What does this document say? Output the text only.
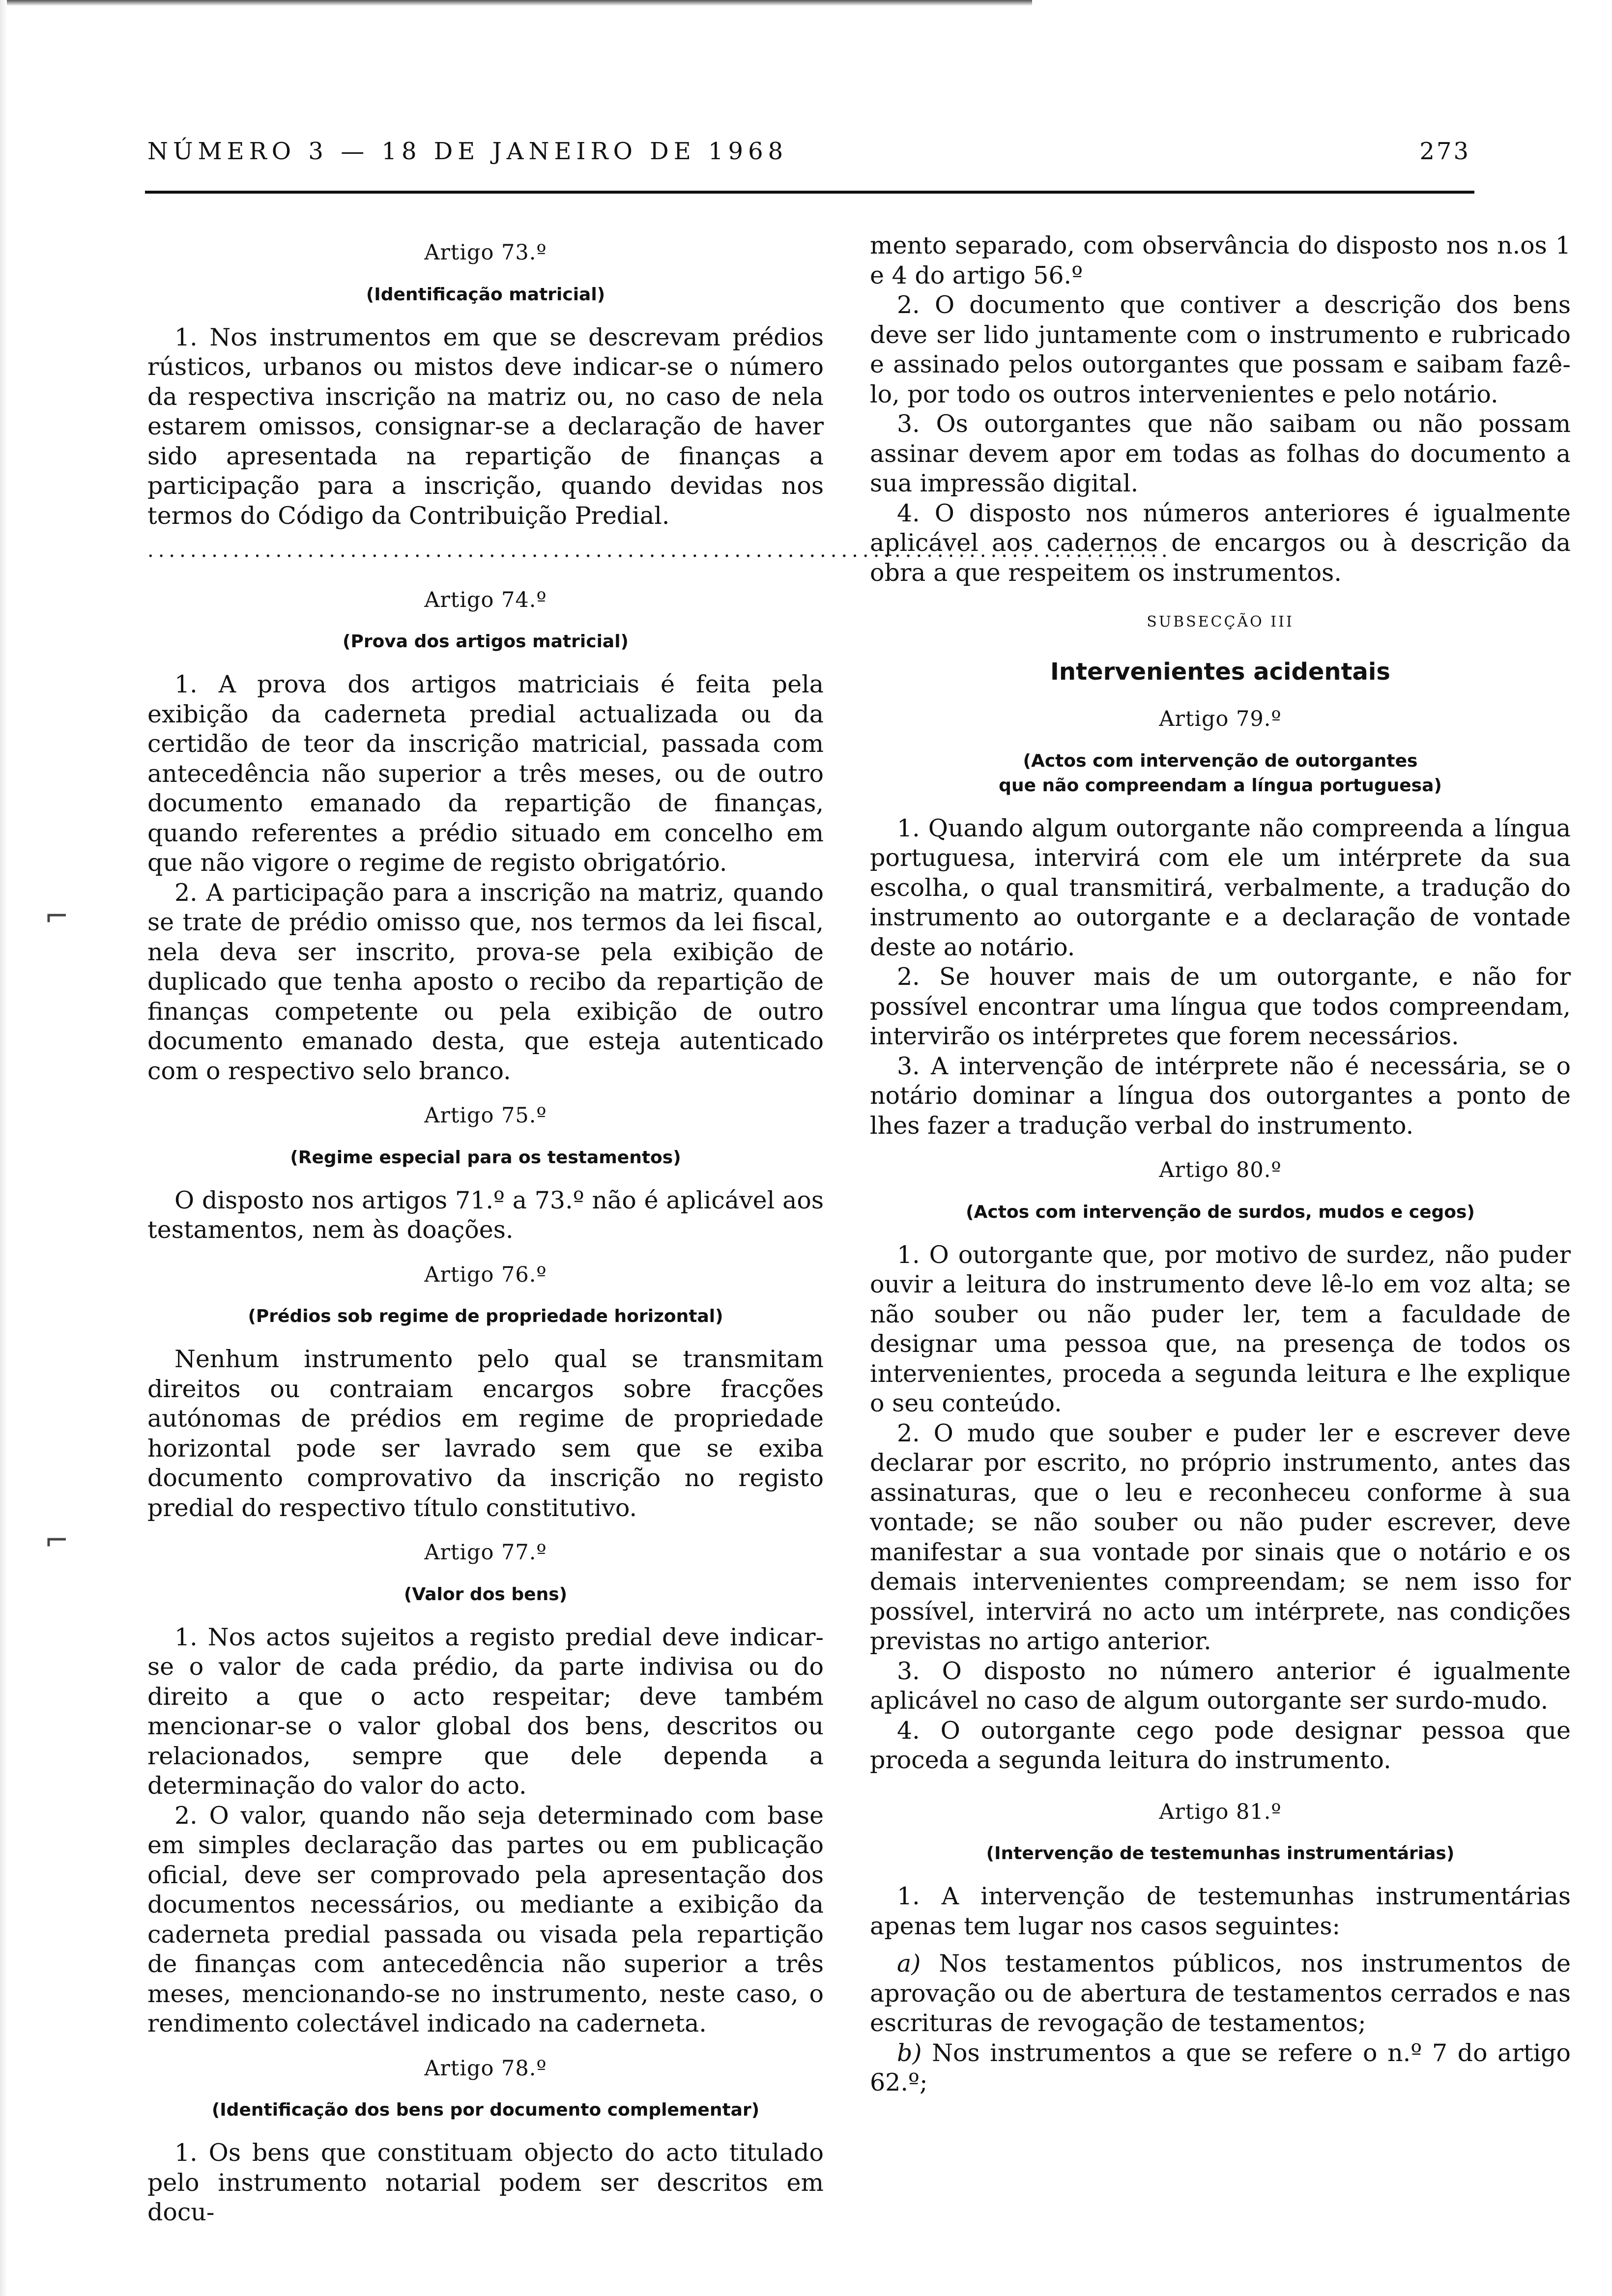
NÚMERO 3 — 18 DE JANEIRO DE 1968	273
⌐
⌐
Artigo 73.º
(Identificação matricial)

1. Nos instrumentos em que se descrevam prédios rústicos, urbanos ou mistos deve indicar-se o número da respectiva inscrição na matriz ou, no caso de nela estarem omissos, consignar-se a declaração de haver sido apresentada na repartição de finanças a participação para a inscrição, quando devidas nos termos do Código da Contribuição Predial.

................................................................................................
Artigo 74.º
(Prova dos artigos matricial)

1. A prova dos artigos matriciais é feita pela exibição da caderneta predial actualizada ou da certidão de teor da inscrição matricial, passada com antecedência não superior a três meses, ou de outro documento emanado da repartição de finanças, quando referentes a prédio situado em concelho em que não vigore o regime de registo obrigatório.

2. A participação para a inscrição na matriz, quando se trate de prédio omisso que, nos termos da lei fiscal, nela deva ser inscrito, prova-se pela exibição de duplicado que tenha aposto o recibo da repartição de finanças competente ou pela exibição de outro documento emanado desta, que esteja autenticado com o respectivo selo branco.

Artigo 75.º
(Regime especial para os testamentos)

O disposto nos artigos 71.º a 73.º não é aplicável aos testamentos, nem às doações.

Artigo 76.º
(Prédios sob regime de propriedade horizontal)

Nenhum instrumento pelo qual se transmitam direitos ou contraiam encargos sobre fracções autónomas de prédios em regime de propriedade horizontal pode ser lavrado sem que se exiba documento comprovativo da inscrição no registo predial do respectivo título constitutivo.

Artigo 77.º
(Valor dos bens)

1. Nos actos sujeitos a registo predial deve indicar-se o valor de cada prédio, da parte indivisa ou do direito a que o acto respeitar; deve também mencionar-se o valor global dos bens, descritos ou relacionados, sempre que dele dependa a determinação do valor do acto.

2. O valor, quando não seja determinado com base em simples declaração das partes ou em publicação oficial, deve ser comprovado pela apresentação dos documentos necessários, ou mediante a exibição da caderneta predial passada ou visada pela repartição de finanças com antecedência não superior a três meses, mencionando-se no instrumento, neste caso, o rendimento colectável indicado na caderneta.

Artigo 78.º
(Identificação dos bens por documento complementar)

1. Os bens que constituam objecto do acto titulado pelo instrumento notarial podem ser descritos em docu-

mento separado, com observância do disposto nos n.os 1 e 4 do artigo 56.º

2. O documento que contiver a descrição dos bens deve ser lido juntamente com o instrumento e rubricado e assinado pelos outorgantes que possam e saibam fazê-lo, por todo os outros intervenientes e pelo notário.

3. Os outorgantes que não saibam ou não possam assinar devem apor em todas as folhas do documento a sua impressão digital.

4. O disposto nos números anteriores é igualmente aplicável aos cadernos de encargos ou à descrição da obra a que respeitem os instrumentos.

SUBSECÇÃO III
Intervenientes acidentais
Artigo 79.º
(Actos com intervenção de outorgantes
que não compreendam a língua portuguesa)

1. Quando algum outorgante não compreenda a língua portuguesa, intervirá com ele um intérprete da sua escolha, o qual transmitirá, verbalmente, a tradução do instrumento ao outorgante e a declaração de vontade deste ao notário.

2. Se houver mais de um outorgante, e não for possível encontrar uma língua que todos compreendam, intervirão os intérpretes que forem necessários.

3. A intervenção de intérprete não é necessária, se o notário dominar a língua dos outorgantes a ponto de lhes fazer a tradução verbal do instrumento.

Artigo 80.º
(Actos com intervenção de surdos, mudos e cegos)

1. O outorgante que, por motivo de surdez, não puder ouvir a leitura do instrumento deve lê-lo em voz alta; se não souber ou não puder ler, tem a faculdade de designar uma pessoa que, na presença de todos os intervenientes, proceda a segunda leitura e lhe explique o seu conteúdo.

2. O mudo que souber e puder ler e escrever deve declarar por escrito, no próprio instrumento, antes das assinaturas, que o leu e reconheceu conforme à sua vontade; se não souber ou não puder escrever, deve manifestar a sua vontade por sinais que o notário e os demais intervenientes compreendam; se nem isso for possível, intervirá no acto um intérprete, nas condições previstas no artigo anterior.

3. O disposto no número anterior é igualmente aplicável no caso de algum outorgante ser surdo-mudo.

4. O outorgante cego pode designar pessoa que proceda a segunda leitura do instrumento.

Artigo 81.º
(Intervenção de testemunhas instrumentárias)

1. A intervenção de testemunhas instrumentárias apenas tem lugar nos casos seguintes:

a) Nos testamentos públicos, nos instrumentos de aprovação ou de abertura de testamentos cerrados e nas escrituras de revogação de testamentos;

b) Nos instrumentos a que se refere o n.º 7 do artigo 62.º;
